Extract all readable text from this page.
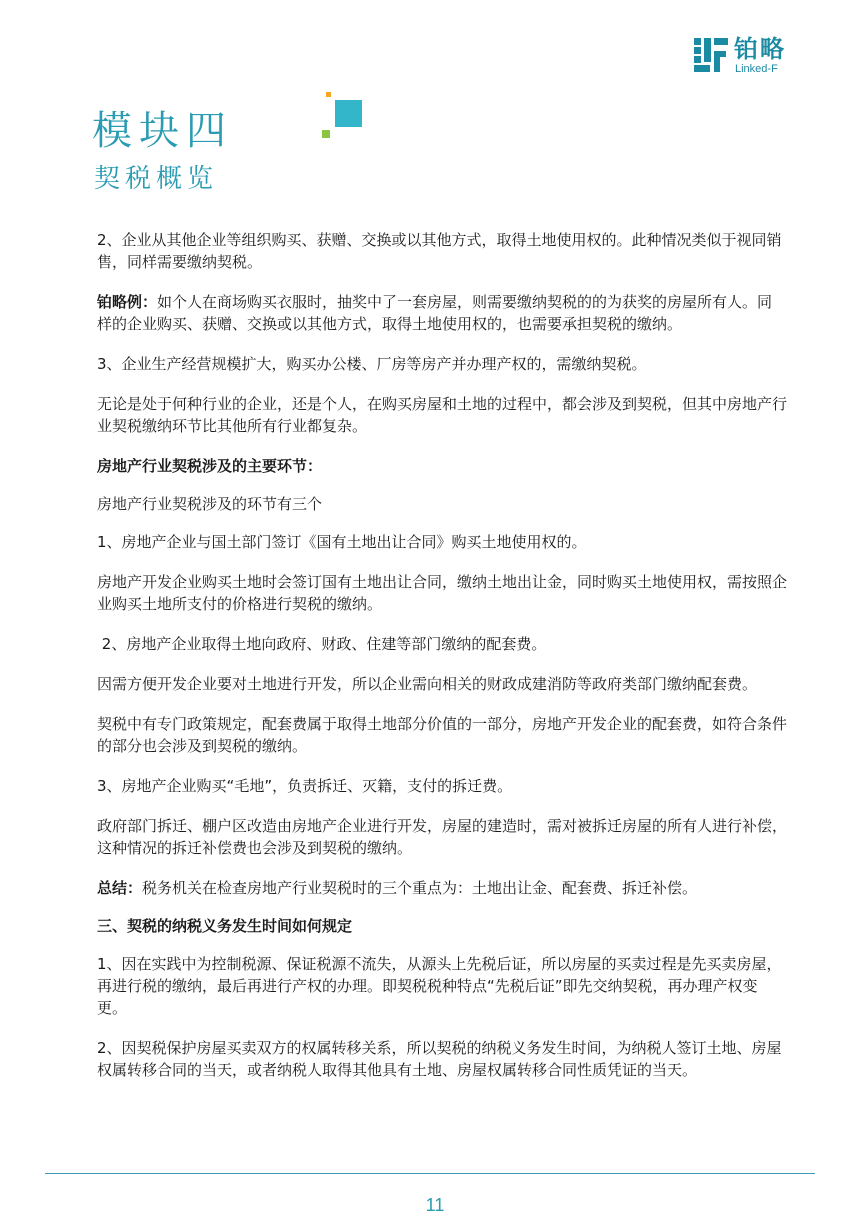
铂略
Linked-F
模块四
契税概览

2、企业从其他企业等组织购买、获赠、交换或以其他方式，取得土地使用权的。此种情况类似于视同销售，同样需要缴纳契税。

铂略例：如个人在商场购买衣服时，抽奖中了一套房屋，则需要缴纳契税的的为获奖的房屋所有人。同样的企业购买、获赠、交换或以其他方式，取得土地使用权的，也需要承担契税的缴纳。

3、企业生产经营规模扩大，购买办公楼、厂房等房产并办理产权的，需缴纳契税。

无论是处于何种行业的企业，还是个人，在购买房屋和土地的过程中，都会涉及到契税，但其中房地产行业契税缴纳环节比其他所有行业都复杂。

房地产行业契税涉及的主要环节：

房地产行业契税涉及的环节有三个

1、房地产企业与国土部门签订《国有土地出让合同》购买土地使用权的。

房地产开发企业购买土地时会签订国有土地出让合同，缴纳土地出让金，同时购买土地使用权，需按照企业购买土地所支付的价格进行契税的缴纳。

2、房地产企业取得土地向政府、财政、住建等部门缴纳的配套费。

因需方便开发企业要对土地进行开发，所以企业需向相关的财政成建消防等政府类部门缴纳配套费。

契税中有专门政策规定，配套费属于取得土地部分价值的一部分，房地产开发企业的配套费，如符合条件的部分也会涉及到契税的缴纳。

3、房地产企业购买“毛地”，负责拆迁、灭籍，支付的拆迁费。

政府部门拆迁、棚户区改造由房地产企业进行开发，房屋的建造时，需对被拆迁房屋的所有人进行补偿，这种情况的拆迁补偿费也会涉及到契税的缴纳。

总结：税务机关在检查房地产行业契税时的三个重点为：土地出让金、配套费、拆迁补偿。

三、契税的纳税义务发生时间如何规定

1、因在实践中为控制税源、保证税源不流失，从源头上先税后证，所以房屋的买卖过程是先买卖房屋，再进行税的缴纳，最后再进行产权的办理。即契税税种特点“先税后证”即先交纳契税，再办理产权变更。

2、因契税保护房屋买卖双方的权属转移关系，所以契税的纳税义务发生时间，为纳税人签订土地、房屋权属转移合同的当天，或者纳税人取得其他具有土地、房屋权属转移合同性质凭证的当天。

11
